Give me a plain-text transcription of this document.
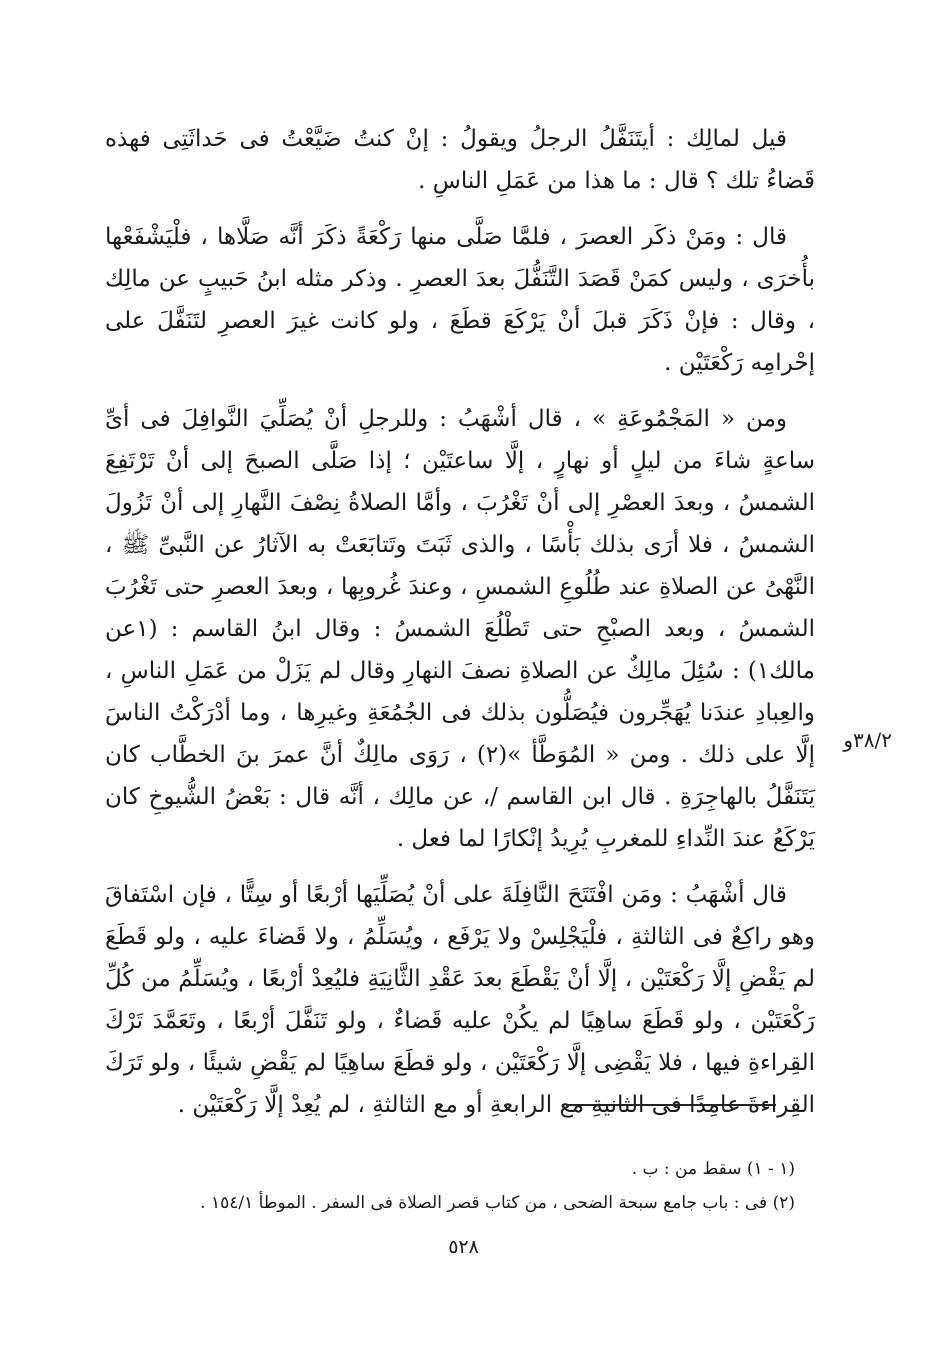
قيل لمالِك : أيتَنَفَّلُ الرجلُ ويقولُ : إنْ كنتُ ضَيَّعْتُ فى حَداثَتِى فهذه قَضاءُ تلك ؟ قال : ما هذا من عَمَلِ الناسِ .

قال : ومَنْ ذكَر العصرَ ، فلمَّا صَلَّى منها رَكْعَةً ذكَرَ أنَّه صَلَّاها ، فلْيَشْفَعْها بأُخرَى ، وليس كمَنْ قَصَدَ التَّنَفُّلَ بعدَ العصرِ . وذكر مثله ابنُ حَبيبٍ عن مالِك ، وقال : فإنْ ذَكَرَ قبلَ أنْ يَرْكَعَ قطَعَ ، ولو كانت غيرَ العصرِ لتَنَفَّلَ على إحْرامِه رَكْعَتَيْن .

ومن « المَجْمُوعَةِ » ، قال أشْهَبُ : وللرجلِ أنْ يُصَلِّيَ النَّوافِلَ فى أىِّ ساعةٍ شاءَ من ليلٍ أو نهارٍ ، إلَّا ساعتَيْن ؛ إذا صَلَّى الصبحَ إلى أنْ تَرْتَفِعَ الشمسُ ، وبعدَ العصْرِ إلى أنْ تَغْرُبَ ، وأمَّا الصلاةُ نِصْفَ النَّهارِ إلى أنْ تَزُولَ الشمسُ ، فلا أرَى بذلك بَأْسًا ، والذى ثَبَتَ وتَتابَعَتْ به الآثارُ عن النَّبىِّ ﷺ ، النَّهْىُ عن الصلاةِ عند طُلُوعِ الشمسِ ، وعندَ غُروبِها ، وبعدَ العصرِ حتى تَغْرُبَ الشمسُ ، وبعد الصبْحِ حتى تَطْلُعَ الشمسُ : وقال ابنُ القاسم : (١عن مالك١) : سُئِلَ مالِكٌ عن الصلاةِ نصفَ النهارِ وقال لم يَزَلْ من عَمَلِ الناسِ ، والعِبادِ عندَنا يُهَجِّرون فيُصَلُّون بذلك فى الجُمُعَةِ وغيرِها ، وما أدْرَكْتُ الناسَ إلَّا على ذلك . ومن « المُوَطَّأ »(٢) ، رَوَى مالِكٌ أنَّ عمرَ بنَ الخطَّاب كان يَتَنَفَّلُ بالهاجِرَةِ . قال ابن القاسم /، عن مالِك ، أنَّه قال : بَعْضُ الشُّيوخِ كان يَرْكَعُ عندَ النِّداءِ للمغربِ يُرِيدُ إنْكارًا لما فعل .

قال أشْهَبُ : ومَن افْتَتَحَ النَّافِلَةَ على أنْ يُصَلِّيَها أرْبعًا أو سِتًّا ، فإن اسْتَفاقَ وهو راكِعٌ فى الثالثةِ ، فلْيَجْلِسْ ولا يَرْفَع ، ويُسَلِّمُ ، ولا قَضاءَ عليه ، ولو قَطَعَ لم يَقْضِ إلَّا رَكْعَتَيْن ، إلَّا أنْ يَقْطَعَ بعدَ عَقْدِ الثَّانِيَةِ فليُعِدْ أرْبعًا ، ويُسَلِّمُ من كُلِّ رَكْعَتَيْن ، ولو قَطَعَ ساهِيًا لم يكُنْ عليه قَضاءٌ ، ولو تَنَفَّلَ أرْبعًا ، وتَعَمَّدَ تَرْكَ القِراءةِ فيها ، فلا يَقْضِى إلَّا رَكْعَتَيْن ، ولو قطَعَ ساهِيًا لم يَقْضِ شيئًا ، ولو تَرَكَ القِراءةَ عامِدًا فى الثانيةِ مع الرابعةِ أو مع الثالثةِ ، لم يُعِدْ إلَّا رَكْعَتَيْن .

٣٨/٢و

(١ - ١) سقط من : ب .

(٢) فى : باب جامع سبحة الضحى ، من كتاب قصر الصلاة فى السفر . الموطأ ١٥٤/١ .

٥٢٨
